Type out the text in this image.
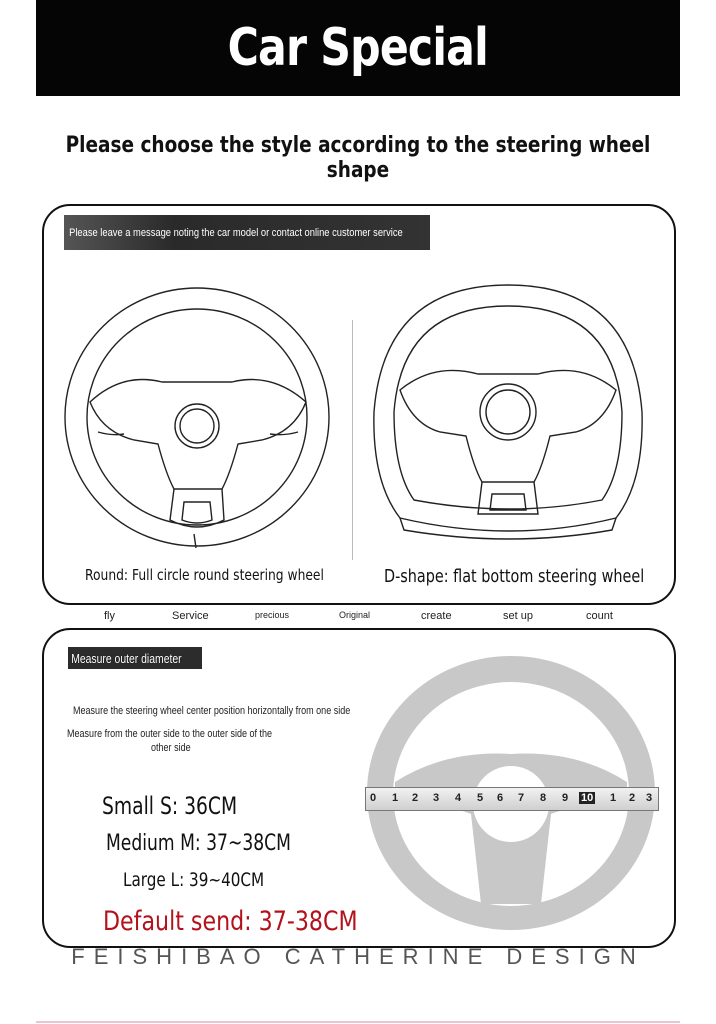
Car Special
Please choose the style according to the steering wheel shape
Please leave a message noting the car model or contact online customer service
Round: Full circle round steering wheel	D-shape: flat bottom steering wheel
fly	Service	precious	Original	create	set up	count
Measure outer diameter
Measure the steering wheel center position horizontally from one side
Measure from the outer side to the outer side of the
other side
Small S: 36CM
Medium M: 37~38CM
Large L: 39~40CM
Default send: 37-38CM
0 1 2 3 4 5 6 7 8 9 10 1 2 3
FEISHIBAO CATHERINE DESIGN
